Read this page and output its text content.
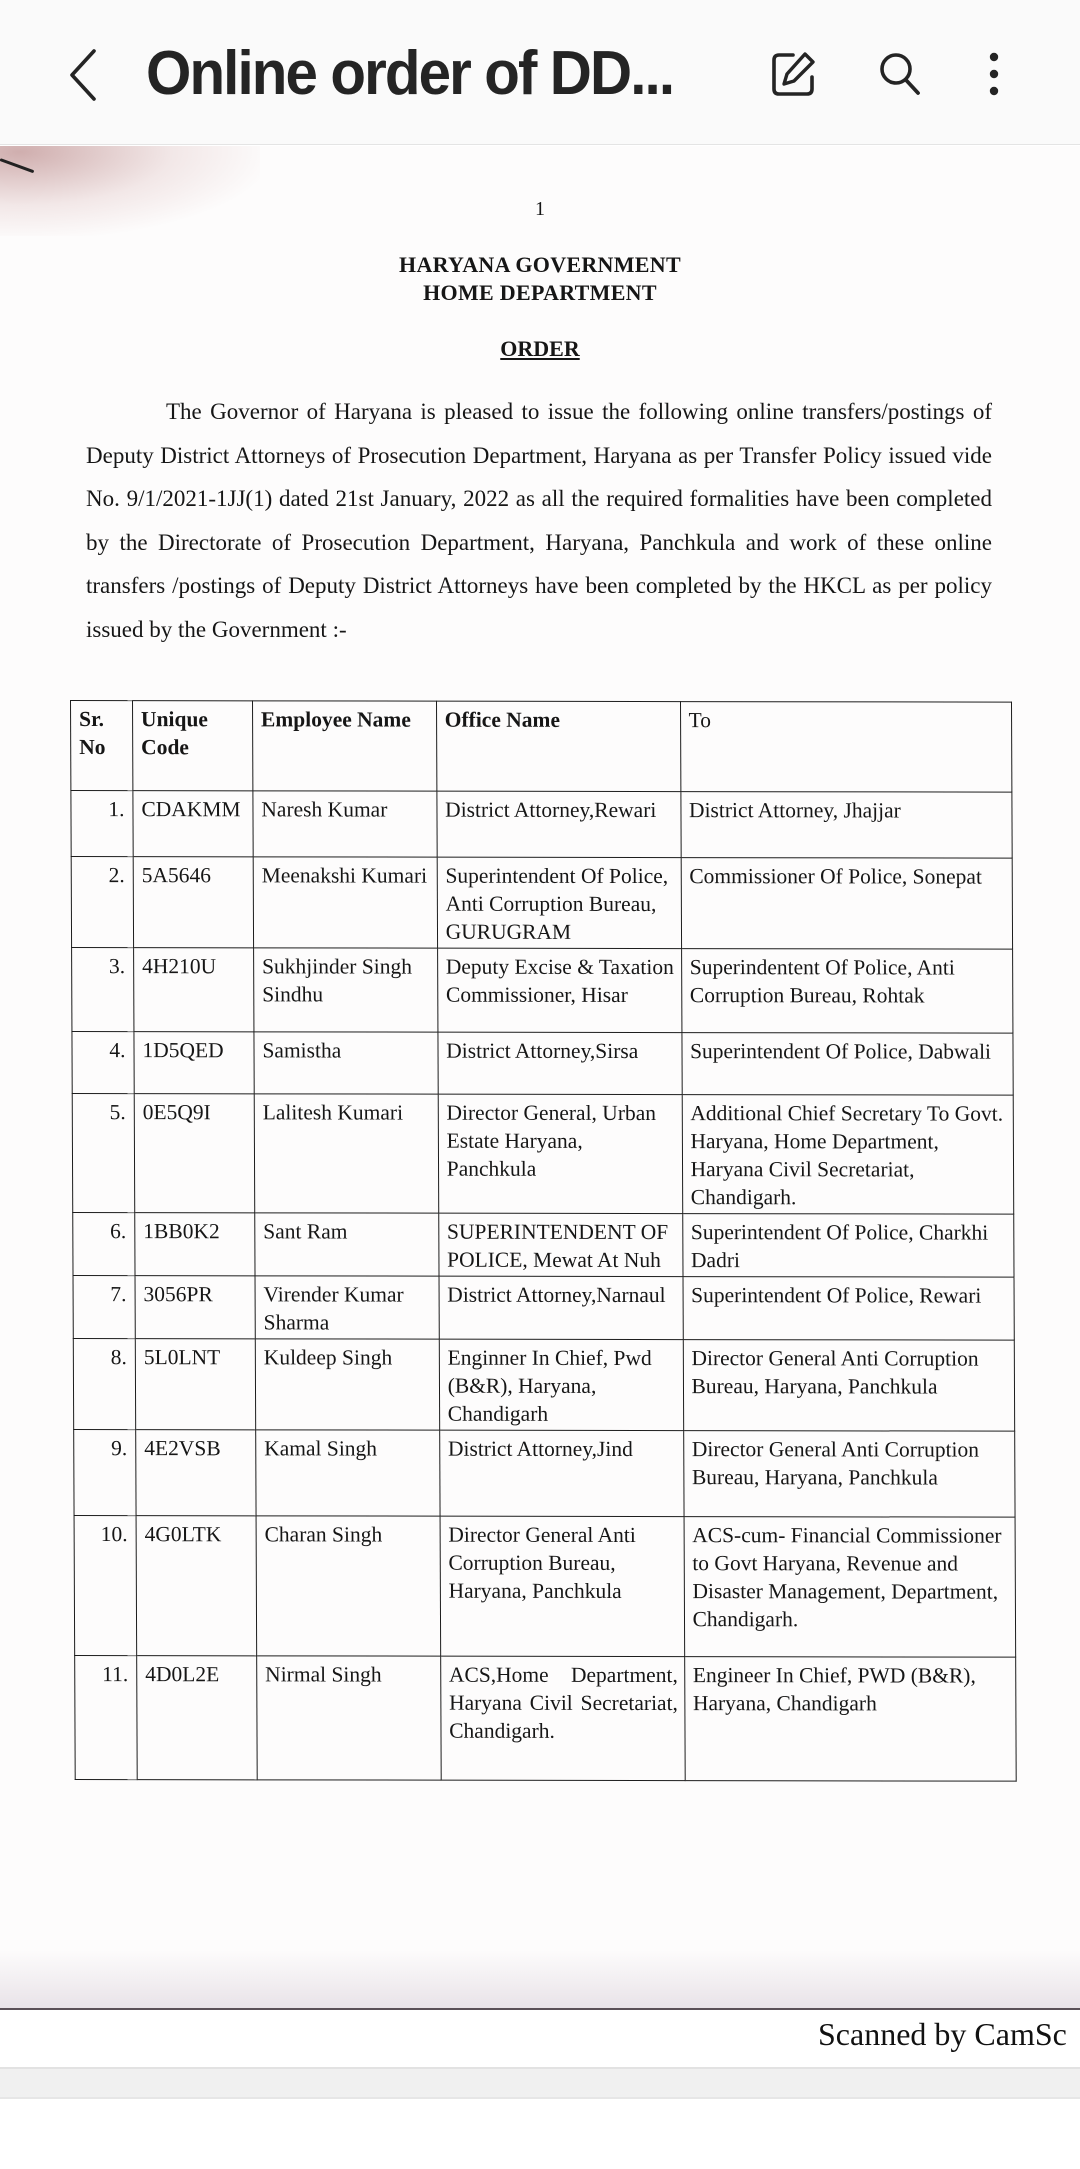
Online order of DD...
1
HARYANA GOVERNMENT
HOME DEPARTMENT
ORDER
The Governor of Haryana is pleased to issue the following online transfers/postings of Deputy District Attorneys of Prosecution Department, Haryana as per Transfer Policy issued vide No. 9/1/2021-1JJ(1) dated 21st January, 2022 as all the required formalities have been completed by the Directorate of Prosecution Department, Haryana, Panchkula and work of these online transfers /postings of Deputy District Attorneys have been completed by the HKCL as per policy issued by the Government :-
Sr. No	Unique Code	Employee Name	Office Name	To
1.	CDAKMM	Naresh Kumar	District Attorney,Rewari	District Attorney, Jhajjar
2.	5A5646	Meenakshi Kumari	Superintendent Of Police, Anti Corruption Bureau, GURUGRAM	Commissioner Of Police, Sonepat
3.	4H210U	Sukhjinder Singh Sindhu	Deputy Excise & Taxation Commissioner, Hisar	Superindentent Of Police, Anti Corruption Bureau, Rohtak
4.	1D5QED	Samistha	District Attorney,Sirsa	Superintendent Of Police, Dabwali
5.	0E5Q9I	Lalitesh Kumari	Director General, Urban Estate Haryana, Panchkula	Additional Chief Secretary To Govt. Haryana, Home Department, Haryana Civil Secretariat, Chandigarh.
6.	1BB0K2	Sant Ram	SUPERINTENDENT OF POLICE, Mewat At Nuh	Superintendent Of Police, Charkhi Dadri
7.	3056PR	Virender Kumar Sharma	District Attorney,Narnaul	Superintendent Of Police, Rewari
8.	5L0LNT	Kuldeep Singh	Enginner In Chief, Pwd (B&R), Haryana, Chandigarh	Director General Anti Corruption Bureau, Haryana, Panchkula
9.	4E2VSB	Kamal Singh	District Attorney,Jind	Director General Anti Corruption Bureau, Haryana, Panchkula
10.	4G0LTK	Charan Singh	Director General Anti Corruption Bureau, Haryana, Panchkula	ACS-cum- Financial Commissioner to Govt Haryana, Revenue and Disaster Management, Department, Chandigarh.
11.	4D0L2E	Nirmal Singh	ACS,Home Department, Haryana Civil Secretariat, Chandigarh.	Engineer In Chief, PWD (B&R), Haryana, Chandigarh
Scanned by CamSc
